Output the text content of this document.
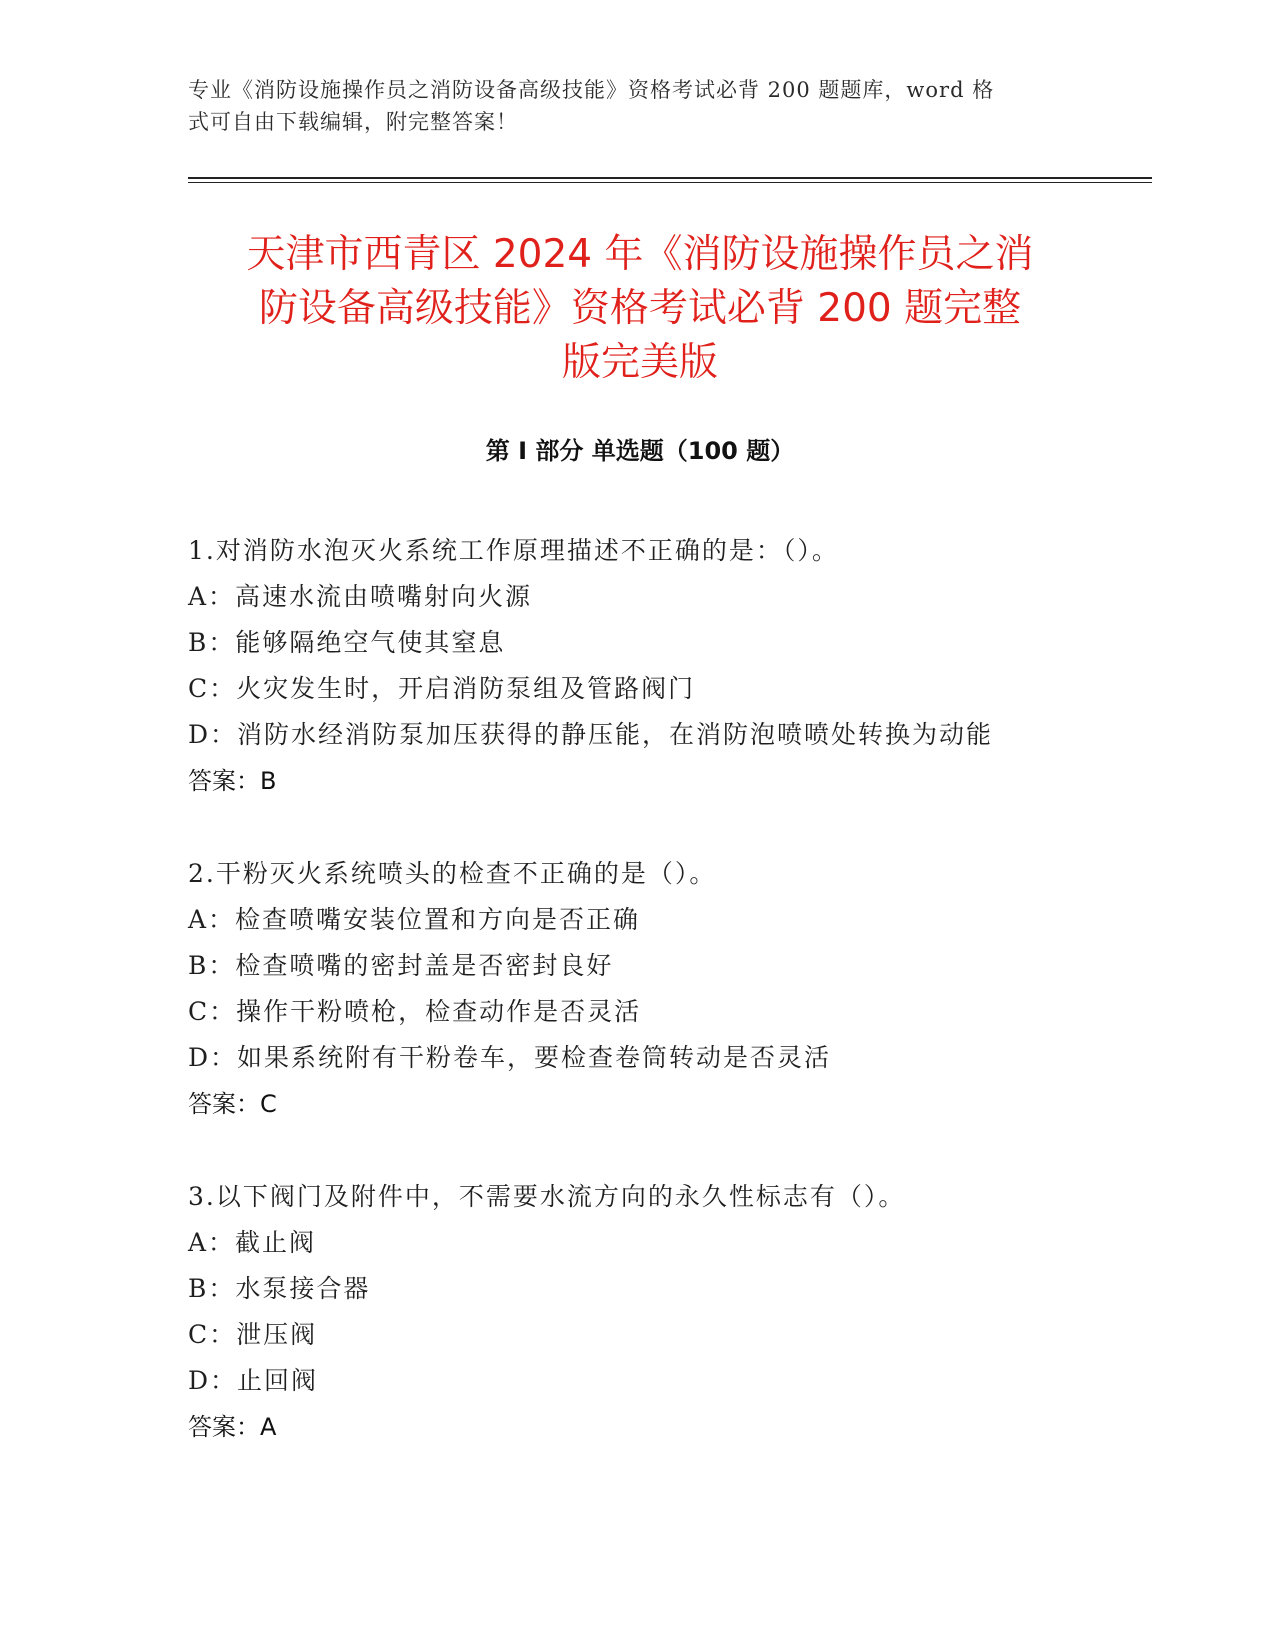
专业《消防设施操作员之消防设备高级技能》资格考试必背 200 题题库，word 格
式可自由下载编辑，附完整答案！
天津市西青区 2024 年《消防设施操作员之消
防设备高级技能》资格考试必背 200 题完整
版完美版
第 I 部分 单选题（100 题）
1.对消防水泡灭火系统工作原理描述不正确的是：（）。
A：高速水流由喷嘴射向火源
B：能够隔绝空气使其窒息
C：火灾发生时，开启消防泵组及管路阀门
D：消防水经消防泵加压获得的静压能，在消防泡喷喷处转换为动能
答案：B
2.干粉灭火系统喷头的检查不正确的是（）。
A：检查喷嘴安装位置和方向是否正确
B：检查喷嘴的密封盖是否密封良好
C：操作干粉喷枪，检查动作是否灵活
D：如果系统附有干粉卷车，要检查卷筒转动是否灵活
答案：C
3.以下阀门及附件中，不需要水流方向的永久性标志有（）。
A：截止阀
B：水泵接合器
C：泄压阀
D：止回阀
答案：A
